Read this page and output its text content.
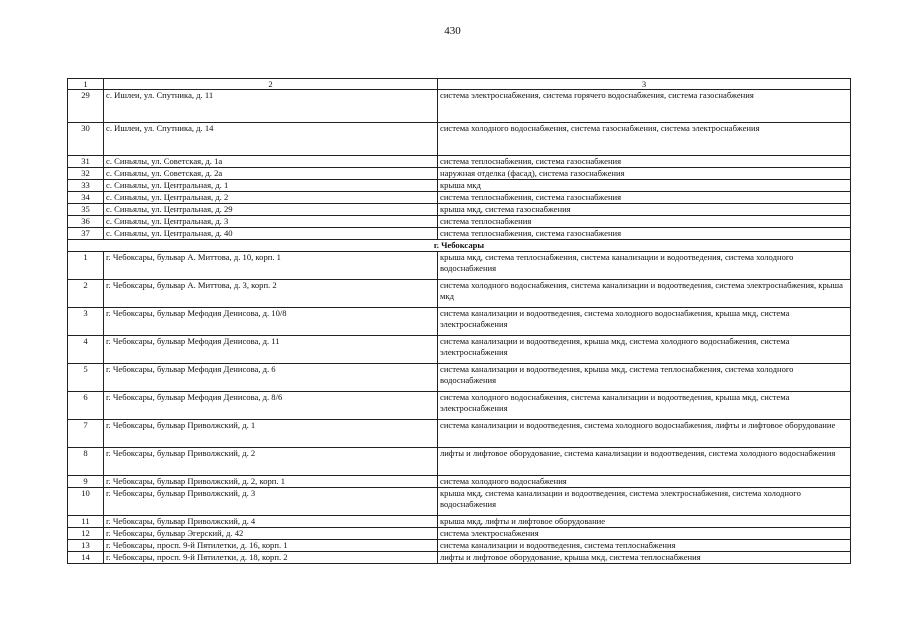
430
1	2	3
29	с. Ишлеи, ул. Спутника, д. 11	система электроснабжения, система горячего водоснабжения, система газоснабжения
30	с. Ишлеи, ул. Спутника, д. 14	система холодного водоснабжения, система газоснабжения, система электроснабжения
31	с. Синьялы, ул. Советская, д. 1а	система теплоснабжения, система газоснабжения
32	с. Синьялы, ул. Советская, д. 2а	наружная отделка (фасад), система газоснабжения
33	с. Синьялы, ул. Центральная, д. 1	крыша мкд
34	с. Синьялы, ул. Центральная, д. 2	система теплоснабжения, система газоснабжения
35	с. Синьялы, ул. Центральная, д. 29	крыша мкд, система газоснабжения
36	с. Синьялы, ул. Центральная, д. 3	система теплоснабжения
37	с. Синьялы, ул. Центральная, д. 40	система теплоснабжения, система газоснабжения
г. Чебоксары		
1	г. Чебоксары, бульвар А. Миттова, д. 10, корп. 1	крыша мкд, система теплоснабжения, система канализации и водоотведения, система холодного водоснабжения
2	г. Чебоксары, бульвар А. Миттова, д. 3, корп. 2	система холодного водоснабжения, система канализации и водоотведения, система электроснабжения, крыша мкд
3	г. Чебоксары, бульвар Мефодия Денисова, д. 10/8	система канализации и водоотведения, система холодного водоснабжения, крыша мкд, система электроснабжения
4	г. Чебоксары, бульвар Мефодия Денисова, д. 11	система канализации и водоотведения, крыша мкд, система холодного водоснабжения, система электроснабжения
5	г. Чебоксары, бульвар Мефодия Денисова, д. 6	система канализации и водоотведения, крыша мкд, система теплоснабжения, система холодного водоснабжения
6	г. Чебоксары, бульвар Мефодия Денисова, д. 8/6	система холодного водоснабжения, система канализации и водоотведения, крыша мкд, система электроснабжения
7	г. Чебоксары, бульвар Приволжский, д. 1	система канализации и водоотведения, система холодного водоснабжения, лифты и лифтовое оборудование
8	г. Чебоксары, бульвар Приволжский, д. 2	лифты и лифтовое оборудование, система канализации и водоотведения, система холодного водоснабжения
9	г. Чебоксары, бульвар Приволжский, д. 2, корп. 1	система холодного водоснабжения
10	г. Чебоксары, бульвар Приволжский, д. 3	крыша мкд, система канализации и водоотведения, система электроснабжения, система холодного водоснабжения
11	г. Чебоксары, бульвар Приволжский, д. 4	крыша мкд, лифты и лифтовое оборудование
12	г. Чебоксары, бульвар Эгерский, д. 42	система электроснабжения
13	г. Чебоксары, просп. 9-й Пятилетки, д. 16, корп. 1	система канализации и водоотведения, система теплоснабжения
14	г. Чебоксары, просп. 9-й Пятилетки, д. 18, корп. 2	лифты и лифтовое оборудование, крыша мкд, система теплоснабжения
